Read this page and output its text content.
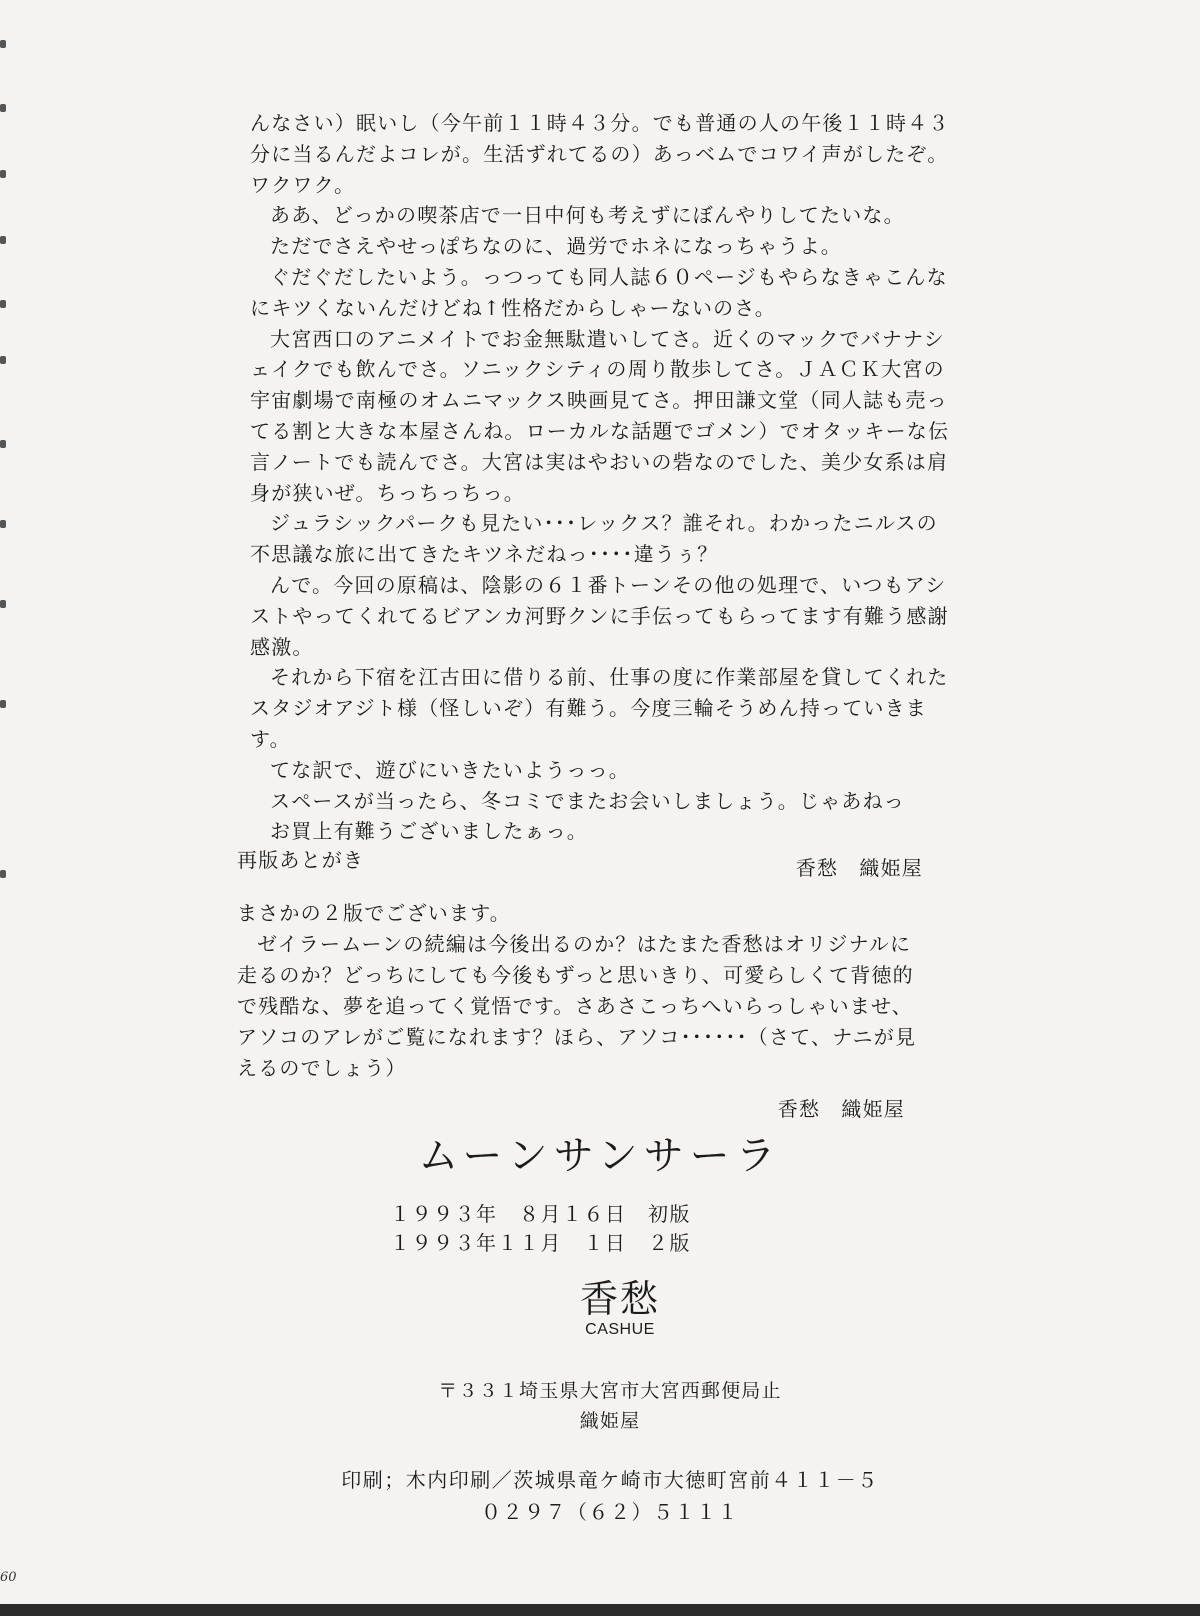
んなさい）眠いし（今午前１１時４３分。でも普通の人の午後１１時４３分に当るんだよコレが。生活ずれてるの）あっベムでコワイ声がしたぞ。ワクワク。

ああ、どっかの喫茶店で一日中何も考えずにぼんやりしてたいな。

ただでさえやせっぽちなのに、過労でホネになっちゃうよ。

ぐだぐだしたいよう。っつっても同人誌６０ページもやらなきゃこんなにキツくないんだけどね↑性格だからしゃーないのさ。

大宮西口のアニメイトでお金無駄遣いしてさ。近くのマックでバナナシェイクでも飲んでさ。ソニックシティの周り散歩してさ。ＪＡＣＫ大宮の宇宙劇場で南極のオムニマックス映画見てさ。押田謙文堂（同人誌も売ってる割と大きな本屋さんね。ローカルな話題でゴメン）でオタッキーな伝言ノートでも読んでさ。大宮は実はやおいの砦なのでした、美少女系は肩身が狭いぜ。ちっちっちっ。

ジュラシックパークも見たい･･･レックス？誰それ。わかったニルスの不思議な旅に出てきたキツネだねっ････違うぅ？

んで。今回の原稿は、陰影の６１番トーンその他の処理で、いつもアシストやってくれてるビアンカ河野クンに手伝ってもらってます有難う感謝感激。

それから下宿を江古田に借りる前、仕事の度に作業部屋を貸してくれたスタジオアジト様（怪しいぞ）有難う。今度三輪そうめん持っていきます。

てな訳で、遊びにいきたいようっっ。

スペースが当ったら、冬コミでまたお会いしましょう。じゃあねっ

お買上有難うございましたぁっ。

香愁　織姫屋

再版あとがき

まさかの２版でございます。

ゼイラームーンの続編は今後出るのか？はたまた香愁はオリジナルに走るのか？どっちにしても今後もずっと思いきり、可愛らしくて背徳的で残酷な、夢を追ってく覚悟です。さあさこっちへいらっしゃいませ、アソコのアレがご覧になれます？ほら、アソコ･･････（さて、ナニが見えるのでしょう）

香愁　織姫屋

ムーンサンサーラ
１９９３年　８月１６日　初版
１９９３年１１月　１日　２版
香愁
CASHUE
〒３３１埼玉県大宮市大宮西郵便局止
織姫屋
印刷；木内印刷／茨城県竜ケ崎市大徳町宮前４１１－５
０２９７（６２）５１１１
60
